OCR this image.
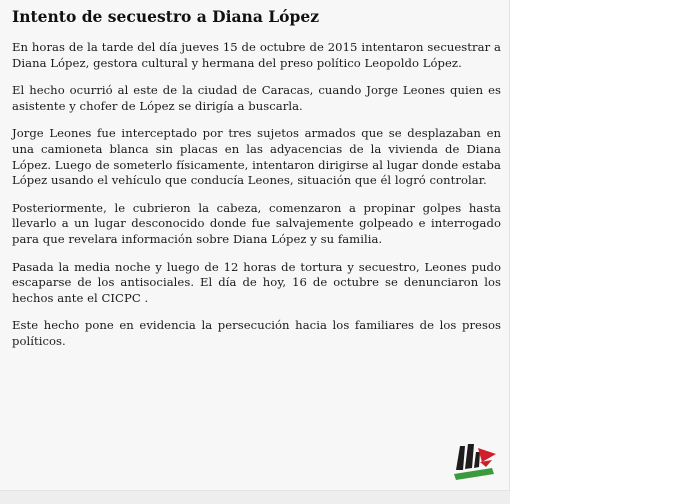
Intento de secuestro a Diana López

En horas de la tarde del día jueves 15 de octubre de 2015 intentaron secuestrar a Diana López, gestora cultural y hermana del preso político Leopoldo López.

El hecho ocurrió al este de la ciudad de Caracas, cuando Jorge Leones quien es asistente y chofer de López se dirigía a buscarla.

Jorge Leones fue interceptado por tres sujetos armados que se desplazaban en una camioneta blanca sin placas en las adyacencias de la vivienda de Diana López. Luego de someterlo físicamente, intentaron dirigirse al lugar donde estaba López usando el vehículo que conducía Leones, situación que él logró controlar.

Posteriormente, le cubrieron la cabeza, comenzaron a propinar golpes hasta llevarlo a un lugar desconocido donde fue salvajemente golpeado e interrogado para que revelara información sobre Diana López y su familia.

Pasada la media noche y luego de 12 horas de tortura y secuestro, Leones pudo escaparse de los antisociales. El día de hoy, 16 de octubre se denunciaron los hechos ante el CICPC .

Este hecho pone en evidencia la persecución hacia los familiares de los presos políticos.
